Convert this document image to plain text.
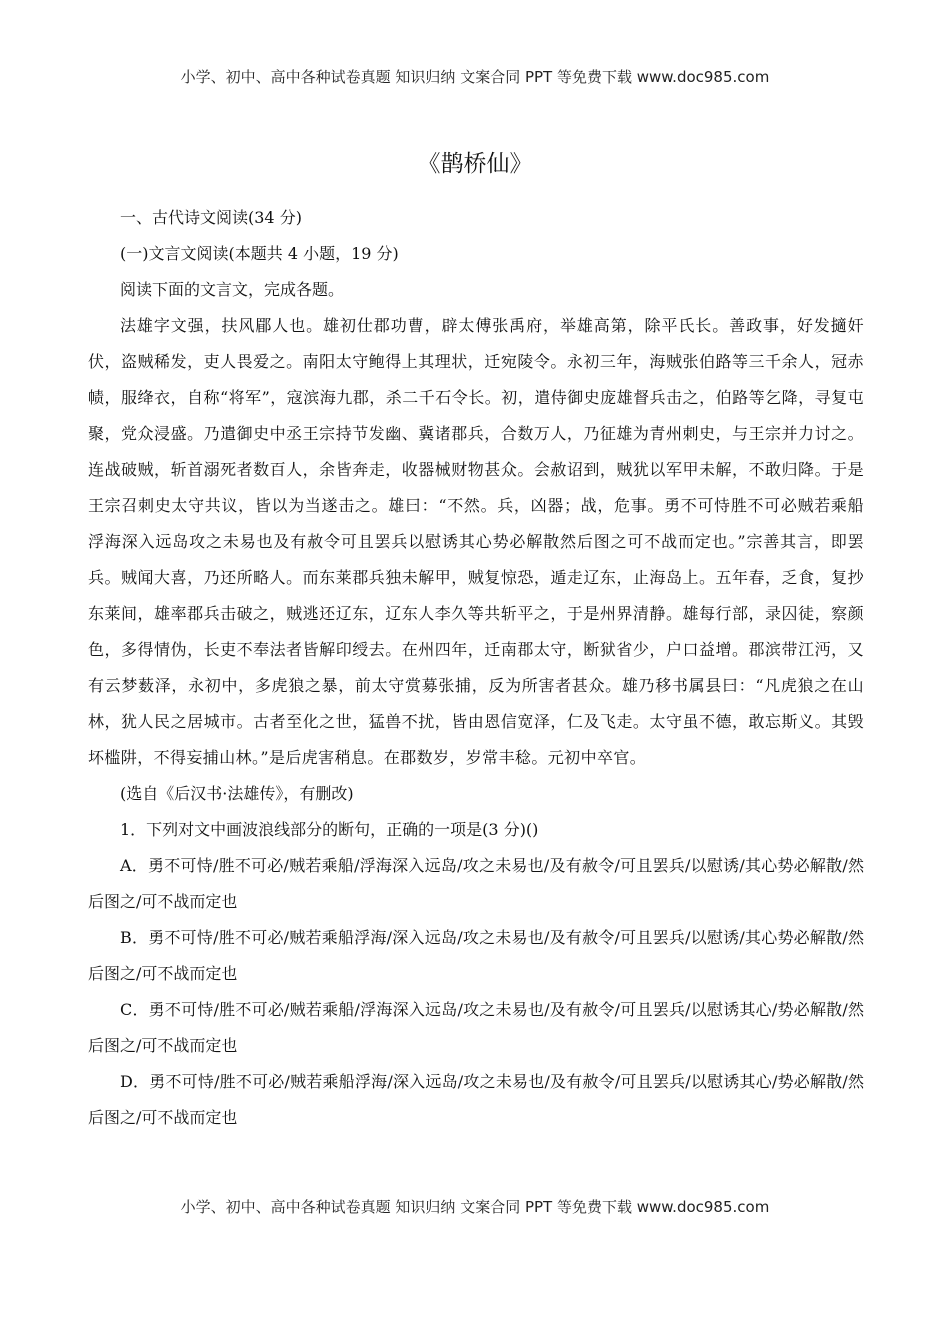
小学、初中、高中各种试卷真题 知识归纳 文案合同 PPT 等免费下载 www.doc985.com
《鹊桥仙》

一、古代诗文阅读(34 分)

(一)文言文阅读(本题共 4 小题，19 分)

阅读下面的文言文，完成各题。

法雄字文强，扶风郿人也。雄初仕郡功曹，辟太傅张禹府，举雄高第，除平氏长。善政事，好发擿奸伏，盗贼稀发，吏人畏爱之。南阳太守鲍得上其理状，迁宛陵令。永初三年，海贼张伯路等三千余人，冠赤帻，服绛衣，自称“将军”，寇滨海九郡，杀二千石令长。初，遣侍御史庞雄督兵击之，伯路等乞降，寻复屯聚，党众浸盛。乃遣御史中丞王宗持节发幽、冀诸郡兵，合数万人，乃征雄为青州刺史，与王宗并力讨之。连战破贼，斩首溺死者数百人，余皆奔走，收器械财物甚众。会赦诏到，贼犹以军甲未解，不敢归降。于是王宗召刺史太守共议，皆以为当遂击之。雄曰：“不然。兵，凶器；战，危事。勇不可恃胜不可必贼若乘船浮海深入远岛攻之未易也及有赦令可且罢兵以慰诱其心势必解散然后图之可不战而定也。”宗善其言，即罢兵。贼闻大喜，乃还所略人。而东莱郡兵独未解甲，贼复惊恐，遁走辽东，止海岛上。五年春，乏食，复抄东莱间，雄率郡兵击破之，贼逃还辽东，辽东人李久等共斩平之，于是州界清静。雄每行部，录囚徒，察颜色，多得情伪，长吏不奉法者皆解印绶去。在州四年，迁南郡太守，断狱省少，户口益增。郡滨带江沔，又有云梦薮泽，永初中，多虎狼之暴，前太守赏募张捕，反为所害者甚众。雄乃移书属县曰：“凡虎狼之在山林，犹人民之居城市。古者至化之世，猛兽不扰，皆由恩信宽泽，仁及飞走。太守虽不德，敢忘斯义。其毁坏槛阱，不得妄捕山林。”是后虎害稍息。在郡数岁，岁常丰稔。元初中卒官。

(选自《后汉书·法雄传》，有删改)

1．下列对文中画波浪线部分的断句，正确的一项是(3 分)()

A．勇不可恃/胜不可必/贼若乘船/浮海深入远岛/攻之未易也/及有赦令/可且罢兵/以慰诱/其心势必解散/然后图之/可不战而定也

B．勇不可恃/胜不可必/贼若乘船浮海/深入远岛/攻之未易也/及有赦令/可且罢兵/以慰诱/其心势必解散/然后图之/可不战而定也

C．勇不可恃/胜不可必/贼若乘船/浮海深入远岛/攻之未易也/及有赦令/可且罢兵/以慰诱其心/势必解散/然后图之/可不战而定也

D．勇不可恃/胜不可必/贼若乘船浮海/深入远岛/攻之未易也/及有赦令/可且罢兵/以慰诱其心/势必解散/然后图之/可不战而定也

小学、初中、高中各种试卷真题 知识归纳 文案合同 PPT 等免费下载 www.doc985.com
